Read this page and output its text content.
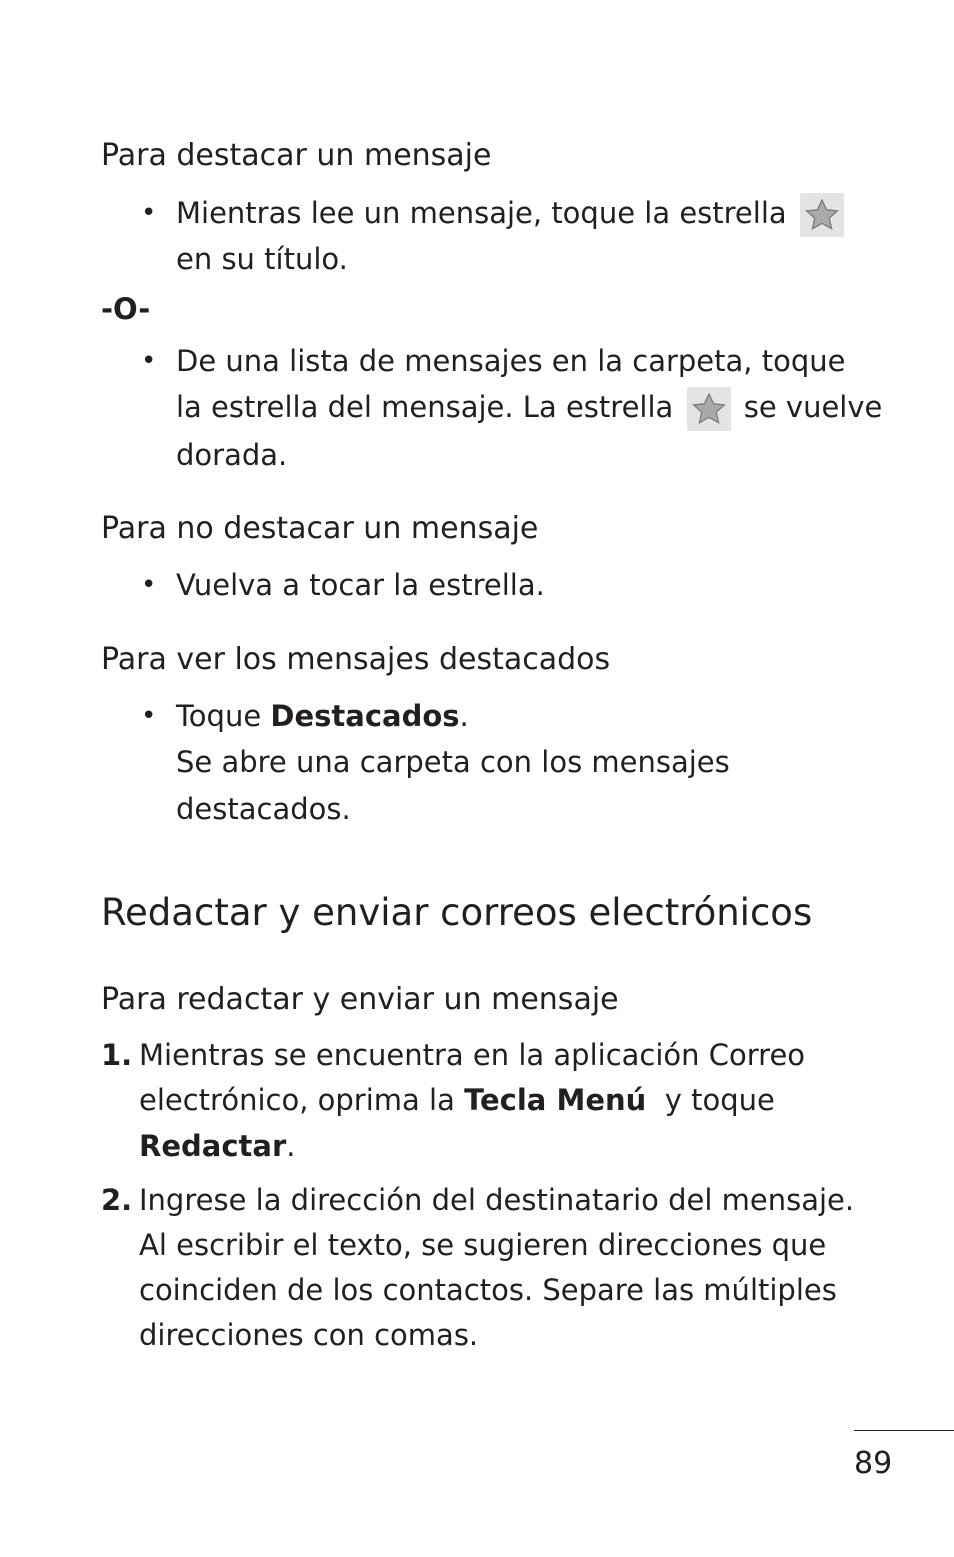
Para destacar un mensaje
• Mientras lee un mensaje, toque la estrella
en su título.
-O-
• De una lista de mensajes en la carpeta, toque
la estrella del mensaje. La estrella se vuelve
dorada.
Para no destacar un mensaje
• Vuelva a tocar la estrella.
Para ver los mensajes destacados
• Toque Destacados.
Se abre una carpeta con los mensajes
destacados.
Redactar y enviar correos electrónicos
Para redactar y enviar un mensaje
1. Mientras se encuentra en la aplicación Correo
electrónico, oprima la Tecla Menú  y toque
Redactar.
2. Ingrese la dirección del destinatario del mensaje.
Al escribir el texto, se sugieren direcciones que
coinciden de los contactos. Separe las múltiples
direcciones con comas.
89
